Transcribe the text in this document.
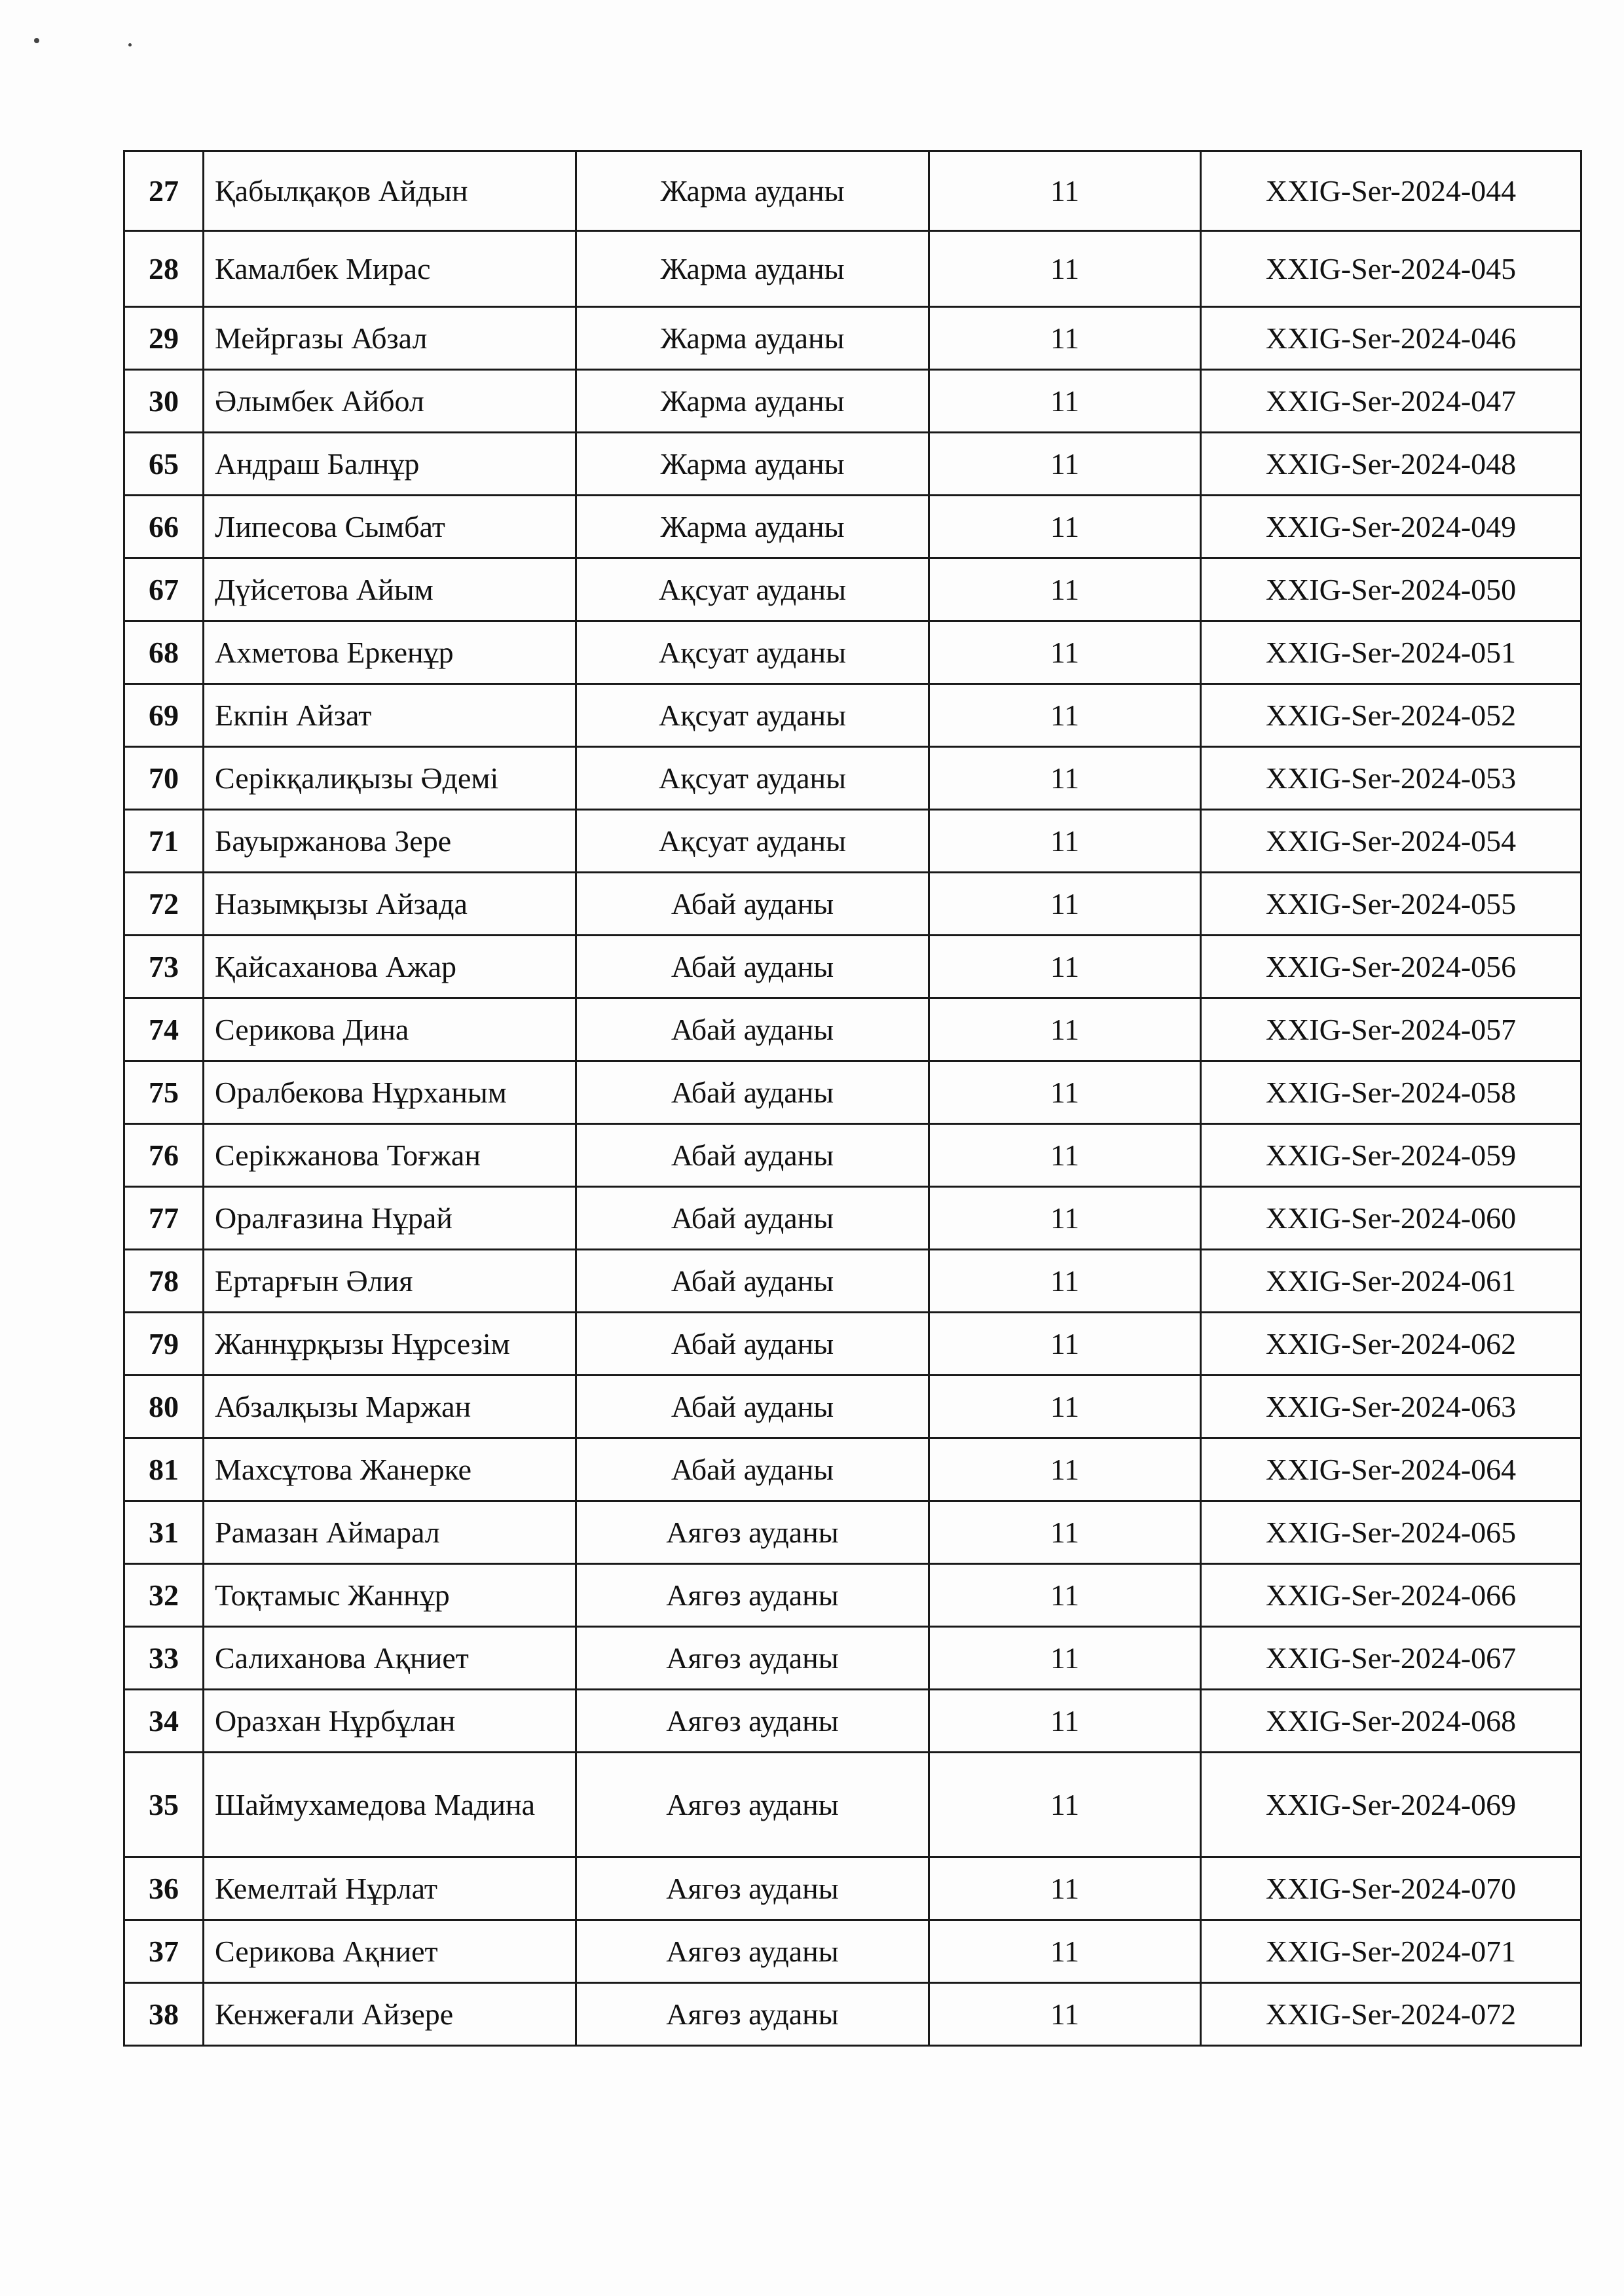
27	Қабылқақов Айдын	Жарма ауданы	11	XXIG-Ser-2024-044
28	Камалбек Мирас	Жарма ауданы	11	XXIG-Ser-2024-045
29	Мейргазы Абзал	Жарма ауданы	11	XXIG-Ser-2024-046
30	Әлымбек Айбол	Жарма ауданы	11	XXIG-Ser-2024-047
65	Андраш Балнұр	Жарма ауданы	11	XXIG-Ser-2024-048
66	Липесова Сымбат	Жарма ауданы	11	XXIG-Ser-2024-049
67	Дүйсетова Айым	Ақсуат ауданы	11	XXIG-Ser-2024-050
68	Ахметова Еркенұр	Ақсуат ауданы	11	XXIG-Ser-2024-051
69	Екпін Айзат	Ақсуат ауданы	11	XXIG-Ser-2024-052
70	Серікқалиқызы Әдемі	Ақсуат ауданы	11	XXIG-Ser-2024-053
71	Бауыржанова Зере	Ақсуат ауданы	11	XXIG-Ser-2024-054
72	Назымқызы Айзада	Абай ауданы	11	XXIG-Ser-2024-055
73	Қайсаханова Ажар	Абай ауданы	11	XXIG-Ser-2024-056
74	Серикова Дина	Абай ауданы	11	XXIG-Ser-2024-057
75	Оралбекова Нұрханым	Абай ауданы	11	XXIG-Ser-2024-058
76	Серікжанова Тоғжан	Абай ауданы	11	XXIG-Ser-2024-059
77	Оралғазина Нұрай	Абай ауданы	11	XXIG-Ser-2024-060
78	Ертарғын Әлия	Абай ауданы	11	XXIG-Ser-2024-061
79	Жаннұрқызы Нұрсезім	Абай ауданы	11	XXIG-Ser-2024-062
80	Абзалқызы Маржан	Абай ауданы	11	XXIG-Ser-2024-063
81	Махсұтова Жанерке	Абай ауданы	11	XXIG-Ser-2024-064
31	Рамазан Аймарал	Аягөз ауданы	11	XXIG-Ser-2024-065
32	Тоқтамыс Жаннұр	Аягөз ауданы	11	XXIG-Ser-2024-066
33	Салиханова Ақниет	Аягөз ауданы	11	XXIG-Ser-2024-067
34	Оразхан Нұрбұлан	Аягөз ауданы	11	XXIG-Ser-2024-068
35	Шаймухамедова Мадина	Аягөз ауданы	11	XXIG-Ser-2024-069
36	Кемелтай Нұрлат	Аягөз ауданы	11	XXIG-Ser-2024-070
37	Серикова Ақниет	Аягөз ауданы	11	XXIG-Ser-2024-071
38	Кенжеғали Айзере	Аягөз ауданы	11	XXIG-Ser-2024-072
